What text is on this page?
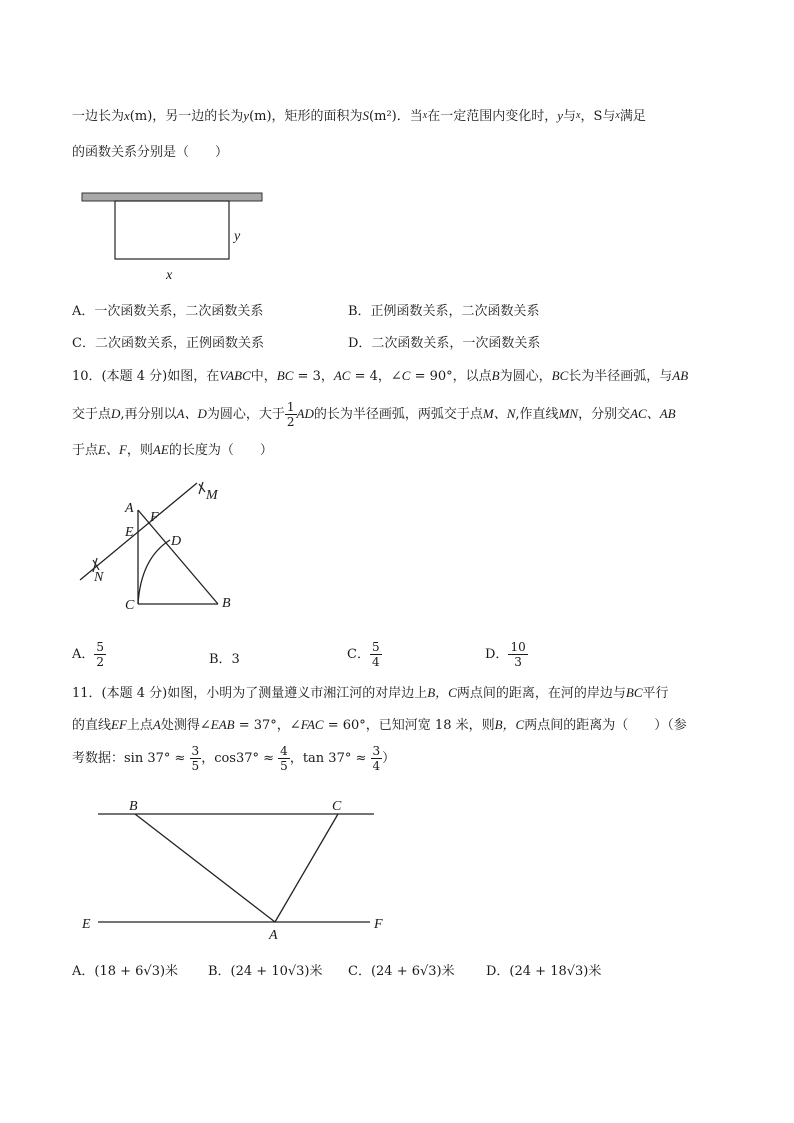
一边长为x(m)，另一边的长为y(m)，矩形的面积为S(m²)．当$^x$在一定范围内变化时，y与$^x$，S与$^x$满足
的函数关系分别是（　　）
y
x
A．一次函数关系，二次函数关系	B．正例函数关系，二次函数关系
C．二次函数关系，正例函数关系	D．二次函数关系，一次函数关系
10．(本题 4 分)如图，在VABC中，BC = 3，AC = 4，∠C = 90°，以点B为圆心，BC长为半径画弧，与AB
交于点D,再分别以A、D为圆心，大于 $\frac{1}{2}$ AD的长为半径画弧，两弧交于点M、N,作直线MN，分别交AC、AB
于点E、F，则AE的长度为（　　）
A
E
F
D
M
N
C	B
A． $\frac{5}{2}$	B．3	C． $\frac{5}{4}$	D． $\frac{10}{3}$
11．(本题 4 分)如图，小明为了测量遵义市湘江河的对岸边上B，C两点间的距离，在河的岸边与BC平行
的直线EF上点A处测得∠EAB = 37°，∠FAC = 60°，已知河宽 18 米，则B，C两点间的距离为（　　）（参
考数据：$\sin 37^\circ \approx \frac{3}{5}$ ，$\cos 37^\circ \approx \frac{4}{5}$ ，$\tan 37^\circ \approx \frac{3}{4}$ ）
B	C
E
A
F
A．(18 + 6√3)米 B．(24 + 10√3)米 C．(24 + 6√3)米 D．(24 + 18√3)米
